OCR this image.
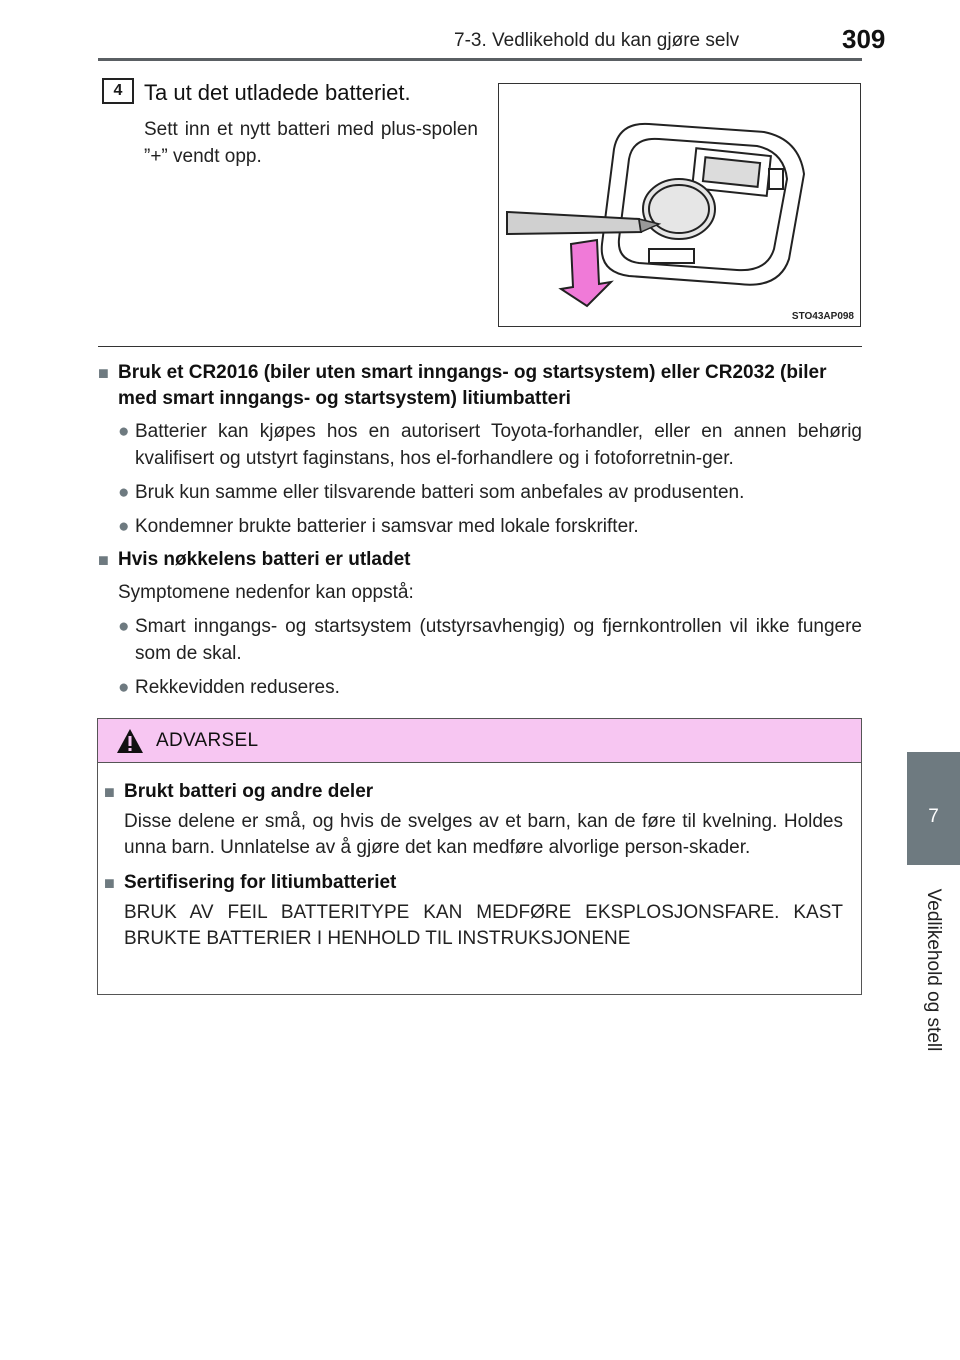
7-3. Vedlikehold du kan gjøre selv	309
7
Vedlikehold og stell
4 Ta ut det utladede batteriet.
Sett inn et nytt batteri med plus-spolen ”+” vendt opp.
STO43AP098
■ Bruk et CR2016 (biler uten smart inngangs- og startsystem) eller CR2032 (biler med smart inngangs- og startsystem) litiumbatteri
● Batterier kan kjøpes hos en autorisert Toyota-forhandler, eller en annen behørig kvalifisert og utstyrt faginstans, hos el-forhandlere og i fotoforretnin-ger.
● Bruk kun samme eller tilsvarende batteri som anbefales av produsenten.
● Kondemner brukte batterier i samsvar med lokale forskrifter.
■ Hvis nøkkelens batteri er utladet
Symptomene nedenfor kan oppstå:
● Smart inngangs- og startsystem (utstyrsavhengig) og fjernkontrollen vil ikke fungere som de skal.
● Rekkevidden reduseres.
ADVARSEL
■ Brukt batteri og andre deler
Disse delene er små, og hvis de svelges av et barn, kan de føre til kvelning. Holdes unna barn. Unnlatelse av å gjøre det kan medføre alvorlige person-skader.
■ Sertifisering for litiumbatteriet
BRUK AV FEIL BATTERITYPE KAN MEDFØRE EKSPLOSJONSFARE. KAST BRUKTE BATTERIER I HENHOLD TIL INSTRUKSJONENE
